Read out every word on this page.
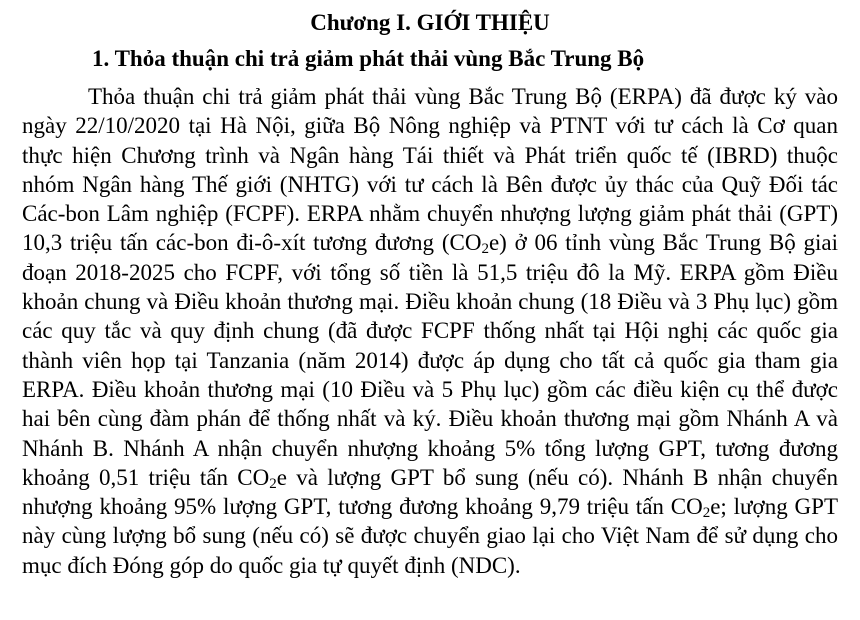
Chương I. GIỚI THIỆU
1. Thỏa thuận chi trả giảm phát thải vùng Bắc Trung Bộ

Thỏa thuận chi trả giảm phát thải vùng Bắc Trung Bộ (ERPA) đã được ký vào ngày 22/10/2020 tại Hà Nội, giữa Bộ Nông nghiệp và PTNT với tư cách là Cơ quan thực hiện Chương trình và Ngân hàng Tái thiết và Phát triển quốc tế (IBRD) thuộc nhóm Ngân hàng Thế giới (NHTG) với tư cách là Bên được ủy thác của Quỹ Đối tác Các-bon Lâm nghiệp (FCPF). ERPA nhằm chuyển nhượng lượng giảm phát thải (GPT) 10,3 triệu tấn các-bon đi-ô-xít tương đương $(CO_2e)$ ở 06 tỉnh vùng Bắc Trung Bộ giai đoạn 2018-2025 cho FCPF, với tổng số tiền là 51,5 triệu đô la Mỹ. ERPA gồm Điều khoản chung và Điều khoản thương mại. Điều khoản chung (18 Điều và 3 Phụ lục) gồm các quy tắc và quy định chung (đã được FCPF thống nhất tại Hội nghị các quốc gia thành viên họp tại Tanzania (năm 2014) được áp dụng cho tất cả quốc gia tham gia ERPA. Điều khoản thương mại (10 Điều và 5 Phụ lục) gồm các điều kiện cụ thể được hai bên cùng đàm phán để thống nhất và ký. Điều khoản thương mại gồm Nhánh A và Nhánh B. Nhánh A nhận chuyển nhượng khoảng 5% tổng lượng GPT, tương đương khoảng 0,51 triệu tấn $CO_2e$ và lượng GPT bổ sung (nếu có). Nhánh B nhận chuyển nhượng khoảng 95% lượng GPT, tương đương khoảng 9,79 triệu tấn $CO_2e$; lượng GPT này cùng lượng bổ sung (nếu có) sẽ được chuyển giao lại cho Việt Nam để sử dụng cho mục đích Đóng góp do quốc gia tự quyết định (NDC).
